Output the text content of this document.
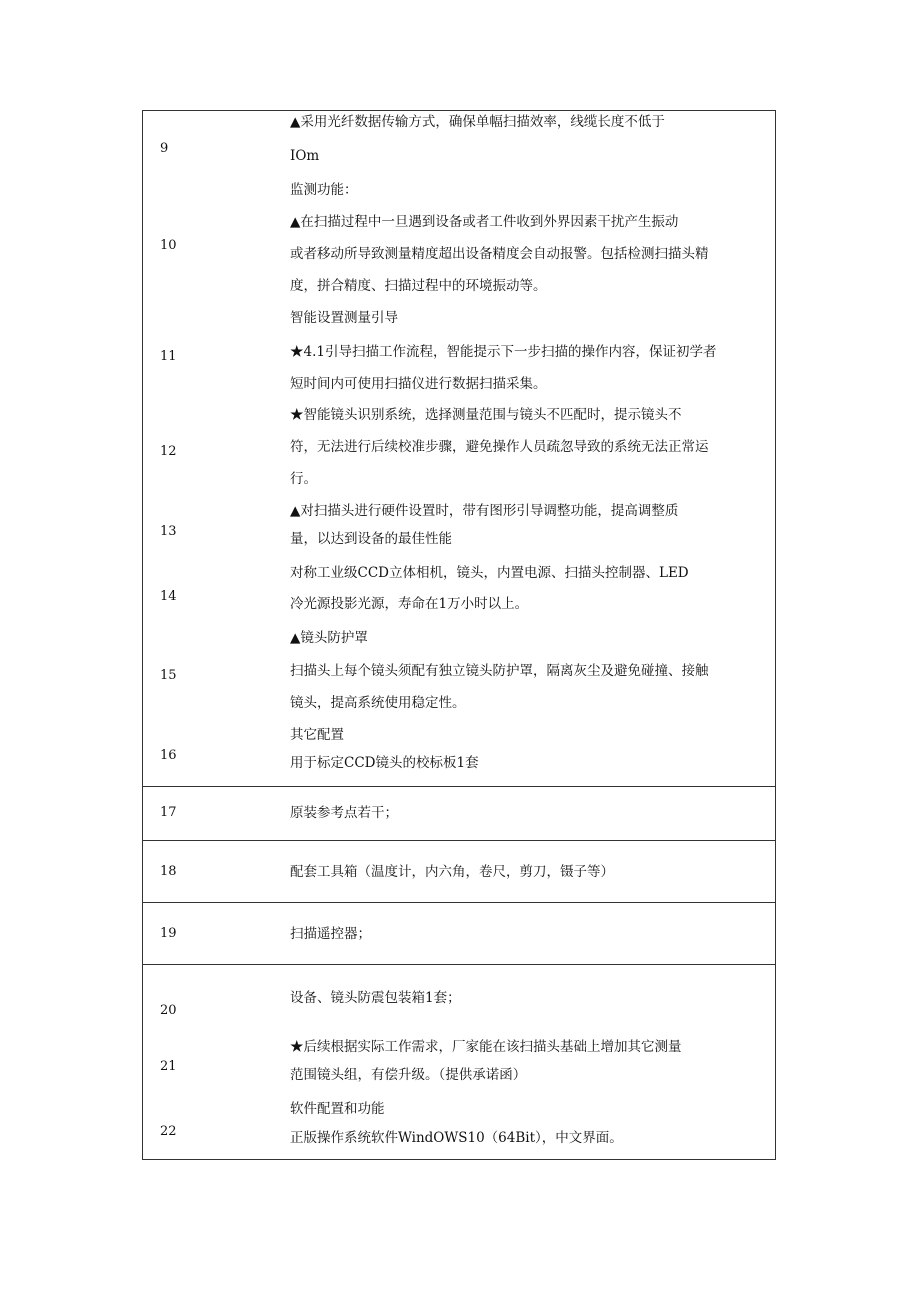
9
▲采用光纤数据传输方式，确保单幅扫描效率，线缆长度不低于
IOm
10
监测功能：
▲在扫描过程中一旦遇到设备或者工件收到外界因素干扰产生振动
或者移动所导致测量精度超出设备精度会自动报警。包括检测扫描头精
度，拼合精度、扫描过程中的环境振动等。
11
智能设置测量引导
★4.1引导扫描工作流程，智能提示下一步扫描的操作内容，保证初学者
短时间内可使用扫描仪进行数据扫描采集。
12
★智能镜头识别系统，选择测量范围与镜头不匹配时，提示镜头不
符，无法进行后续校准步骤，避免操作人员疏忽导致的系统无法正常运
行。
13
▲对扫描头进行硬件设置时，带有图形引导调整功能，提高调整质
量，以达到设备的最佳性能
14
对称工业级CCD立体相机，镜头，内置电源、扫描头控制器、LED
冷光源投影光源，寿命在1万小时以上。
15
▲镜头防护罩
扫描头上每个镜头须配有独立镜头防护罩，隔离灰尘及避免碰撞、接触
镜头，提高系统使用稳定性。
16
其它配置
用于标定CCD镜头的校标板1套
17	原装参考点若干；
18	配套工具箱（温度计，内六角，卷尺，剪刀，镊子等）
19	扫描遥控器；
20
设备、镜头防震包装箱1套；
21
★后续根据实际工作需求，厂家能在该扫描头基础上增加其它测量
范围镜头组，有偿升级。（提供承诺函）
22
软件配置和功能
正版操作系统软件WindOWS10（64Bit），中文界面。
